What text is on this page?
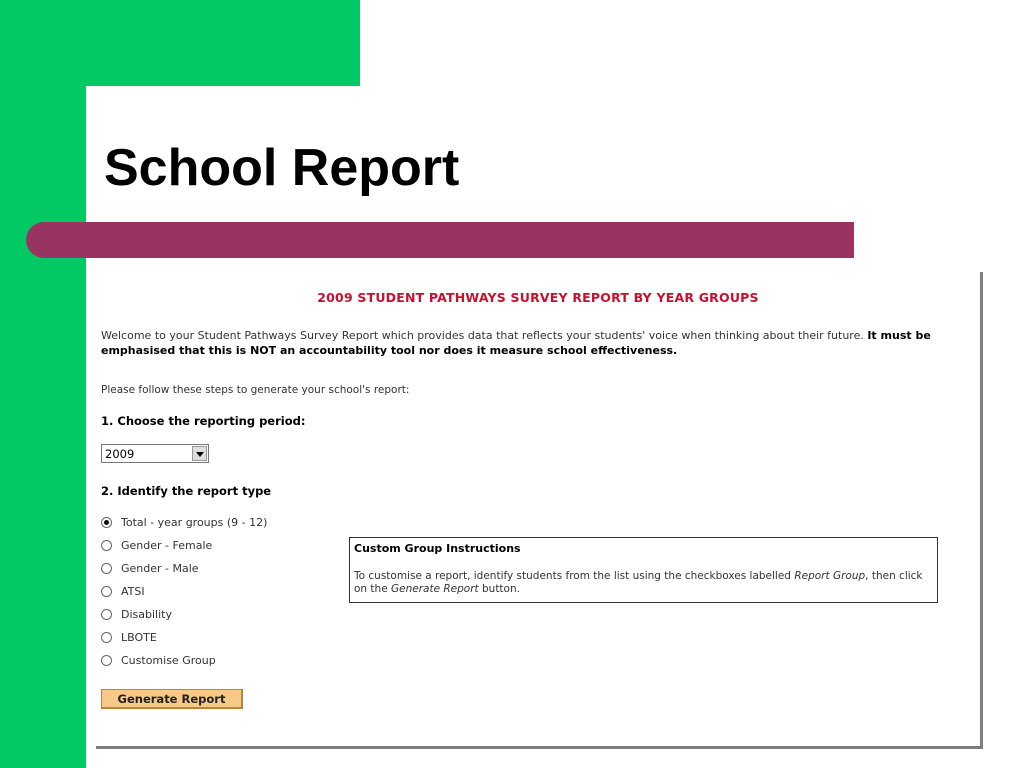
School Report
2009 STUDENT PATHWAYS SURVEY REPORT BY YEAR GROUPS
Welcome to your Student Pathways Survey Report which provides data that reflects your students' voice when thinking about their future. It must be emphasised that this is NOT an accountability tool nor does it measure school effectiveness.
Please follow these steps to generate your school's report:
1. Choose the reporting period:
2009
2. Identify the report type
Total - year groups (9 - 12)
Gender - Female
Gender - Male
ATSI
Disability
LBOTE
Customise Group
Generate Report
Custom Group Instructions
To customise a report, identify students from the list using the checkboxes labelled Report Group, then click on the Generate Report button.
